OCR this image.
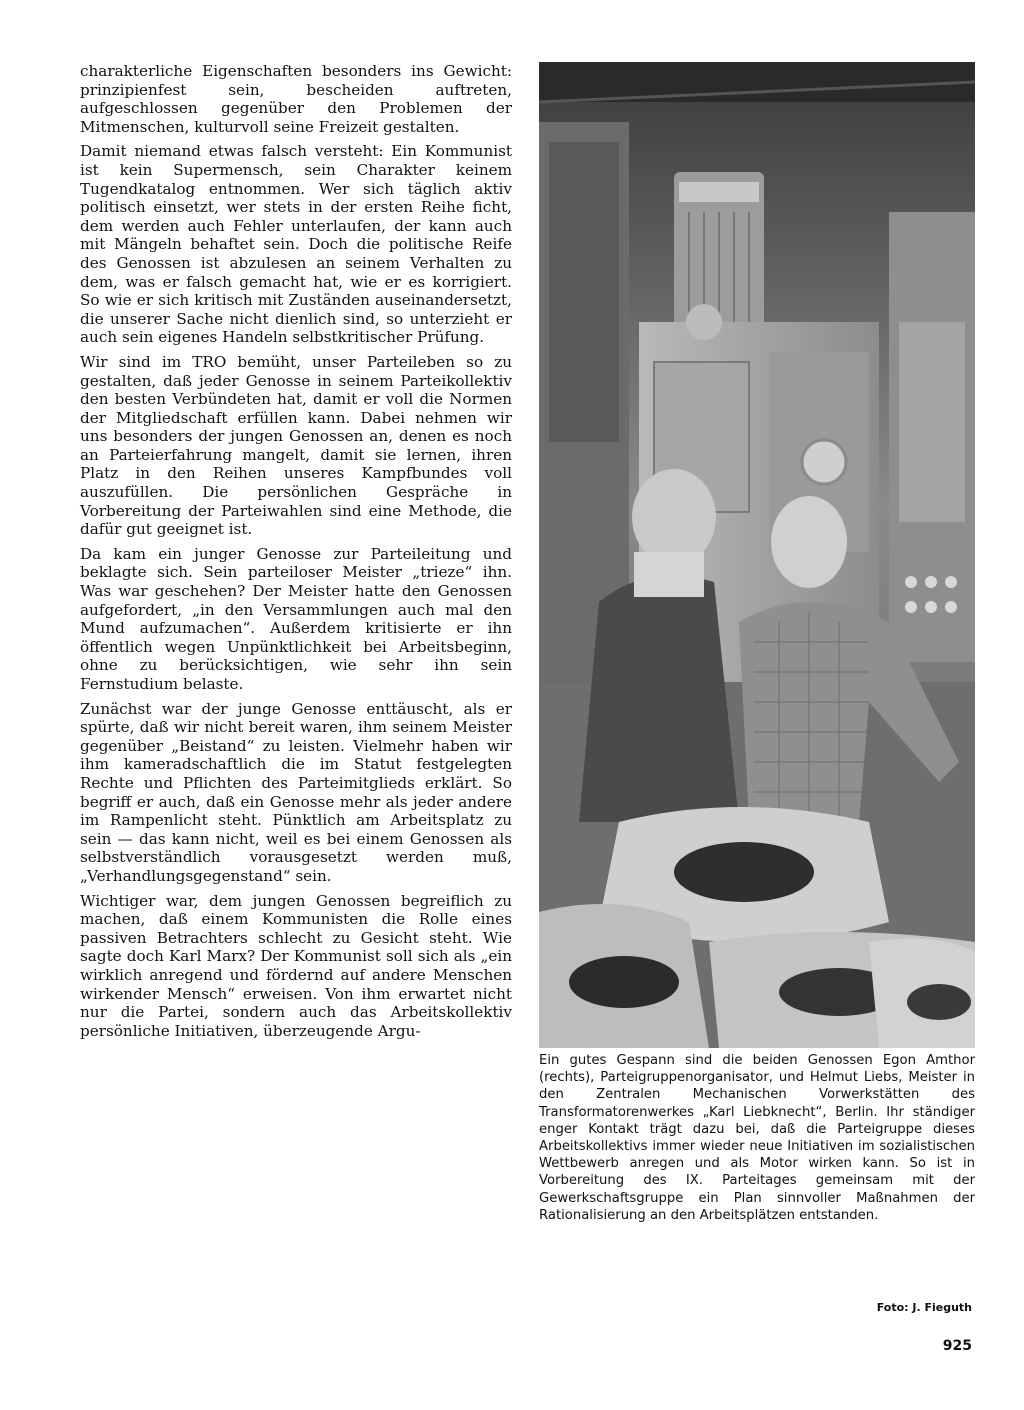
charakterliche Eigenschaften besonders ins Gewicht: prinzipienfest sein, bescheiden auftreten, aufgeschlossen gegenüber den Problemen der Mitmenschen, kulturvoll seine Freizeit gestalten.

Damit niemand etwas falsch versteht: Ein Kommunist ist kein Supermensch, sein Charakter keinem Tugendkatalog entnommen. Wer sich täglich aktiv politisch einsetzt, wer stets in der ersten Reihe ficht, dem werden auch Fehler unterlaufen, der kann auch mit Mängeln behaftet sein. Doch die politische Reife des Genossen ist abzulesen an seinem Verhalten zu dem, was er falsch gemacht hat, wie er es korrigiert. So wie er sich kritisch mit Zuständen auseinandersetzt, die unserer Sache nicht dienlich sind, so unterzieht er auch sein eigenes Handeln selbstkritischer Prüfung.

Wir sind im TRO bemüht, unser Parteileben so zu gestalten, daß jeder Genosse in seinem Parteikollektiv den besten Verbündeten hat, damit er voll die Normen der Mitgliedschaft erfüllen kann. Dabei nehmen wir uns besonders der jungen Genossen an, denen es noch an Parteierfahrung mangelt, damit sie lernen, ihren Platz in den Reihen unseres Kampfbundes voll auszufüllen. Die persönlichen Gespräche in Vorbereitung der Parteiwahlen sind eine Methode, die dafür gut geeignet ist.

Da kam ein junger Genosse zur Parteileitung und beklagte sich. Sein parteiloser Meister „trieze“ ihn. Was war geschehen? Der Meister hatte den Genossen aufgefordert, „in den Versammlungen auch mal den Mund aufzumachen“. Außerdem kritisierte er ihn öffentlich wegen Unpünktlichkeit bei Arbeitsbeginn, ohne zu berücksichtigen, wie sehr ihn sein Fernstudium belaste.

Zunächst war der junge Genosse enttäuscht, als er spürte, daß wir nicht bereit waren, ihm seinem Meister gegenüber „Beistand“ zu leisten. Vielmehr haben wir ihm kameradschaftlich die im Statut festgelegten Rechte und Pflichten des Parteimitglieds erklärt. So begriff er auch, daß ein Genosse mehr als jeder andere im Rampenlicht steht. Pünktlich am Arbeitsplatz zu sein — das kann nicht, weil es bei einem Genossen als selbstverständlich vorausgesetzt werden muß, „Verhandlungsgegenstand“ sein.

Wichtiger war, dem jungen Genossen begreiflich zu machen, daß einem Kommunisten die Rolle eines passiven Betrachters schlecht zu Gesicht steht. Wie sagte doch Karl Marx? Der Kommunist soll sich als „ein wirklich anregend und fördernd auf andere Menschen wirkender Mensch“ erweisen. Von ihm erwartet nicht nur die Partei, sondern auch das Arbeitskollektiv persönliche Initiativen, überzeugende Argu-

Ein gutes Gespann sind die beiden Genossen Egon Amthor (rechts), Parteigruppenorganisator, und Helmut Liebs, Meister in den Zentralen Mechanischen Vorwerkstätten des Transformatorenwerkes „Karl Liebknecht“, Berlin. Ihr ständiger enger Kontakt trägt dazu bei, daß die Parteigruppe dieses Arbeitskollektivs immer wieder neue Initiativen im sozialistischen Wettbewerb anregen und als Motor wirken kann. So ist in Vorbereitung des IX. Parteitages gemeinsam mit der Gewerkschaftsgruppe ein Plan sinnvoller Maßnahmen der Rationalisierung an den Arbeitsplätzen entstanden.

Foto: J. Fieguth
925
